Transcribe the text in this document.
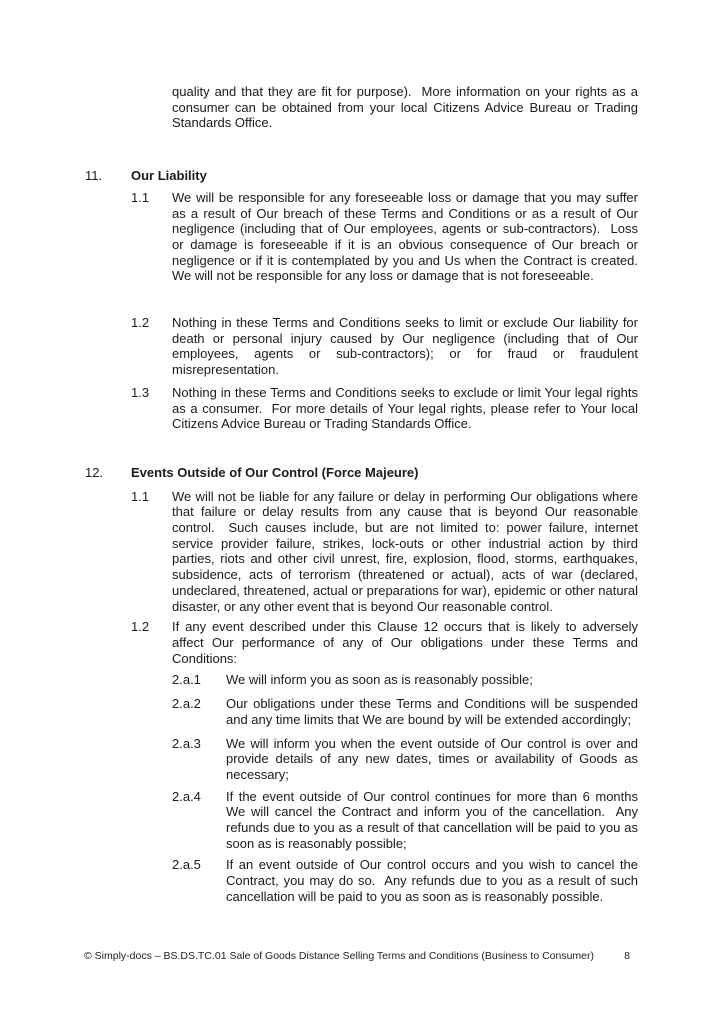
quality and that they are fit for purpose).  More information on your rights as a consumer can be obtained from your local Citizens Advice Bureau or Trading Standards Office.

11.	Our Liability
1.1	We will be responsible for any foreseeable loss or damage that you may suffer as a result of Our breach of these Terms and Conditions or as a result of Our negligence (including that of Our employees, agents or sub-contractors).  Loss or damage is foreseeable if it is an obvious consequence of Our breach or negligence or if it is contemplated by you and Us when the Contract is created.  We will not be responsible for any loss or damage that is not foreseeable.

1.2	Nothing in these Terms and Conditions seeks to limit or exclude Our liability for death or personal injury caused by Our negligence (including that of Our employees, agents or sub-contractors); or for fraud or fraudulent misrepresentation.

1.3	Nothing in these Terms and Conditions seeks to exclude or limit Your legal rights as a consumer.  For more details of Your legal rights, please refer to Your local Citizens Advice Bureau or Trading Standards Office.

12.	Events Outside of Our Control (Force Majeure)
1.1	We will not be liable for any failure or delay in performing Our obligations where that failure or delay results from any cause that is beyond Our reasonable control.  Such causes include, but are not limited to: power failure, internet service provider failure, strikes, lock-outs or other industrial action by third parties, riots and other civil unrest, fire, explosion, flood, storms, earthquakes, subsidence, acts of terrorism (threatened or actual), acts of war (declared, undeclared, threatened, actual or preparations for war), epidemic or other natural disaster, or any other event that is beyond Our reasonable control.

1.2	If any event described under this Clause 12 occurs that is likely to adversely affect Our performance of any of Our obligations under these Terms and Conditions:

2.a.1	We will inform you as soon as is reasonably possible;

2.a.2	Our obligations under these Terms and Conditions will be suspended and any time limits that We are bound by will be extended accordingly;

2.a.3	We will inform you when the event outside of Our control is over and provide details of any new dates, times or availability of Goods as necessary;

2.a.4	If the event outside of Our control continues for more than 6 months We will cancel the Contract and inform you of the cancellation.  Any refunds due to you as a result of that cancellation will be paid to you as soon as is reasonably possible;

2.a.5	If an event outside of Our control occurs and you wish to cancel the Contract, you may do so.  Any refunds due to you as a result of such cancellation will be paid to you as soon as is reasonably possible.

© Simply-docs – BS.DS.TC.01 Sale of Goods Distance Selling Terms and Conditions (Business to Consumer)	8
